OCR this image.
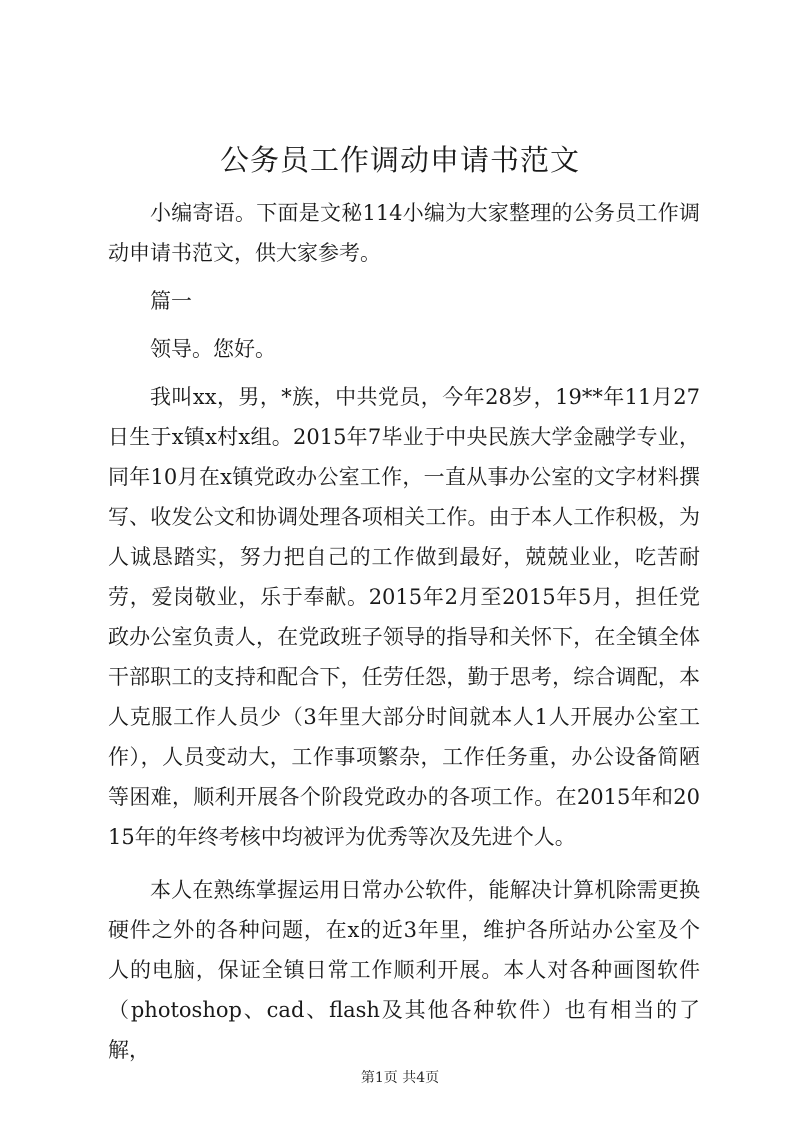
公务员工作调动申请书范文

小编寄语。下面是文秘114小编为大家整理的公务员工作调动申请书范文，供大家参考。

篇一

领导。您好。

我叫xx，男，*族，中共党员，今年28岁，19**年11月27日生于x镇x村x组。2015年7毕业于中央民族大学金融学专业，同年10月在x镇党政办公室工作，一直从事办公室的文字材料撰写、收发公文和协调处理各项相关工作。由于本人工作积极，为人诚恳踏实，努力把自己的工作做到最好，兢兢业业，吃苦耐劳，爱岗敬业，乐于奉献。2015年2月至2015年5月，担任党政办公室负责人，在党政班子领导的指导和关怀下，在全镇全体干部职工的支持和配合下，任劳任怨，勤于思考，综合调配，本人克服工作人员少（3年里大部分时间就本人1人开展办公室工作），人员变动大，工作事项繁杂，工作任务重，办公设备简陋等困难，顺利开展各个阶段党政办的各项工作。在2015年和2015年的年终考核中均被评为优秀等次及先进个人。

本人在熟练掌握运用日常办公软件，能解决计算机除需更换硬件之外的各种问题，在x的近3年里，维护各所站办公室及个人的电脑，保证全镇日常工作顺利开展。本人对各种画图软件（photoshop、cad、flash及其他各种软件）也有相当的了解，

第1页 共4页
